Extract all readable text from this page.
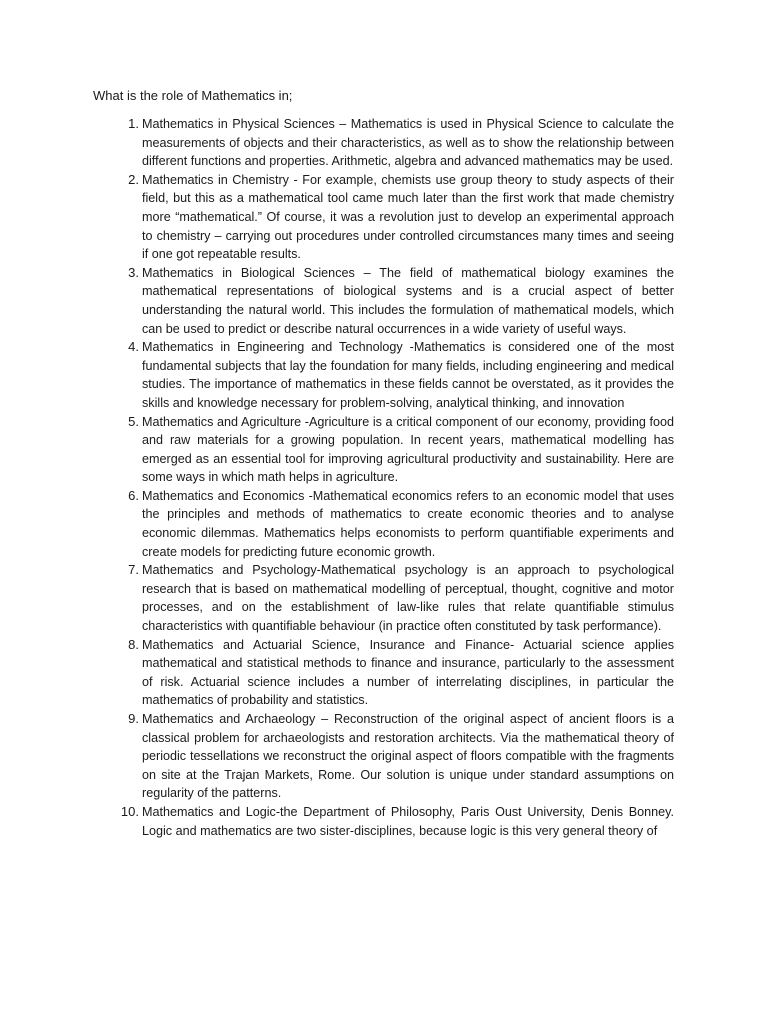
What is the role of Mathematics in;

1. Mathematics in Physical Sciences – Mathematics is used in Physical Science to calculate the measurements of objects and their characteristics, as well as to show the relationship between different functions and properties. Arithmetic, algebra and advanced mathematics may be used.
2. Mathematics in Chemistry - For example, chemists use group theory to study aspects of their field, but this as a mathematical tool came much later than the first work that made chemistry more “mathematical.” Of course, it was a revolution just to develop an experimental approach to chemistry – carrying out procedures under controlled circumstances many times and seeing if one got repeatable results.
3. Mathematics in Biological Sciences – The field of mathematical biology examines the mathematical representations of biological systems and is a crucial aspect of better understanding the natural world. This includes the formulation of mathematical models, which can be used to predict or describe natural occurrences in a wide variety of useful ways.
4. Mathematics in Engineering and Technology -Mathematics is considered one of the most fundamental subjects that lay the foundation for many fields, including engineering and medical studies. The importance of mathematics in these fields cannot be overstated, as it provides the skills and knowledge necessary for problem-solving, analytical thinking, and innovation
5. Mathematics and Agriculture -Agriculture is a critical component of our economy, providing food and raw materials for a growing population. In recent years, mathematical modelling has emerged as an essential tool for improving agricultural productivity and sustainability. Here are some ways in which math helps in agriculture.
6. Mathematics and Economics -Mathematical economics refers to an economic model that uses the principles and methods of mathematics to create economic theories and to analyse economic dilemmas. Mathematics helps economists to perform quantifiable experiments and create models for predicting future economic growth.
7. Mathematics and Psychology-Mathematical psychology is an approach to psychological research that is based on mathematical modelling of perceptual, thought, cognitive and motor processes, and on the establishment of law-like rules that relate quantifiable stimulus characteristics with quantifiable behaviour (in practice often constituted by task performance).
8. Mathematics and Actuarial Science, Insurance and Finance- Actuarial science applies mathematical and statistical methods to finance and insurance, particularly to the assessment of risk. Actuarial science includes a number of interrelating disciplines, in particular the mathematics of probability and statistics.
9. Mathematics and Archaeology – Reconstruction of the original aspect of ancient floors is a classical problem for archaeologists and restoration architects. Via the mathematical theory of periodic tessellations we reconstruct the original aspect of floors compatible with the fragments on site at the Trajan Markets, Rome. Our solution is unique under standard assumptions on regularity of the patterns.
10. Mathematics and Logic-the Department of Philosophy, Paris Oust University, Denis Bonney. Logic and mathematics are two sister-disciplines, because logic is this very general theory of
